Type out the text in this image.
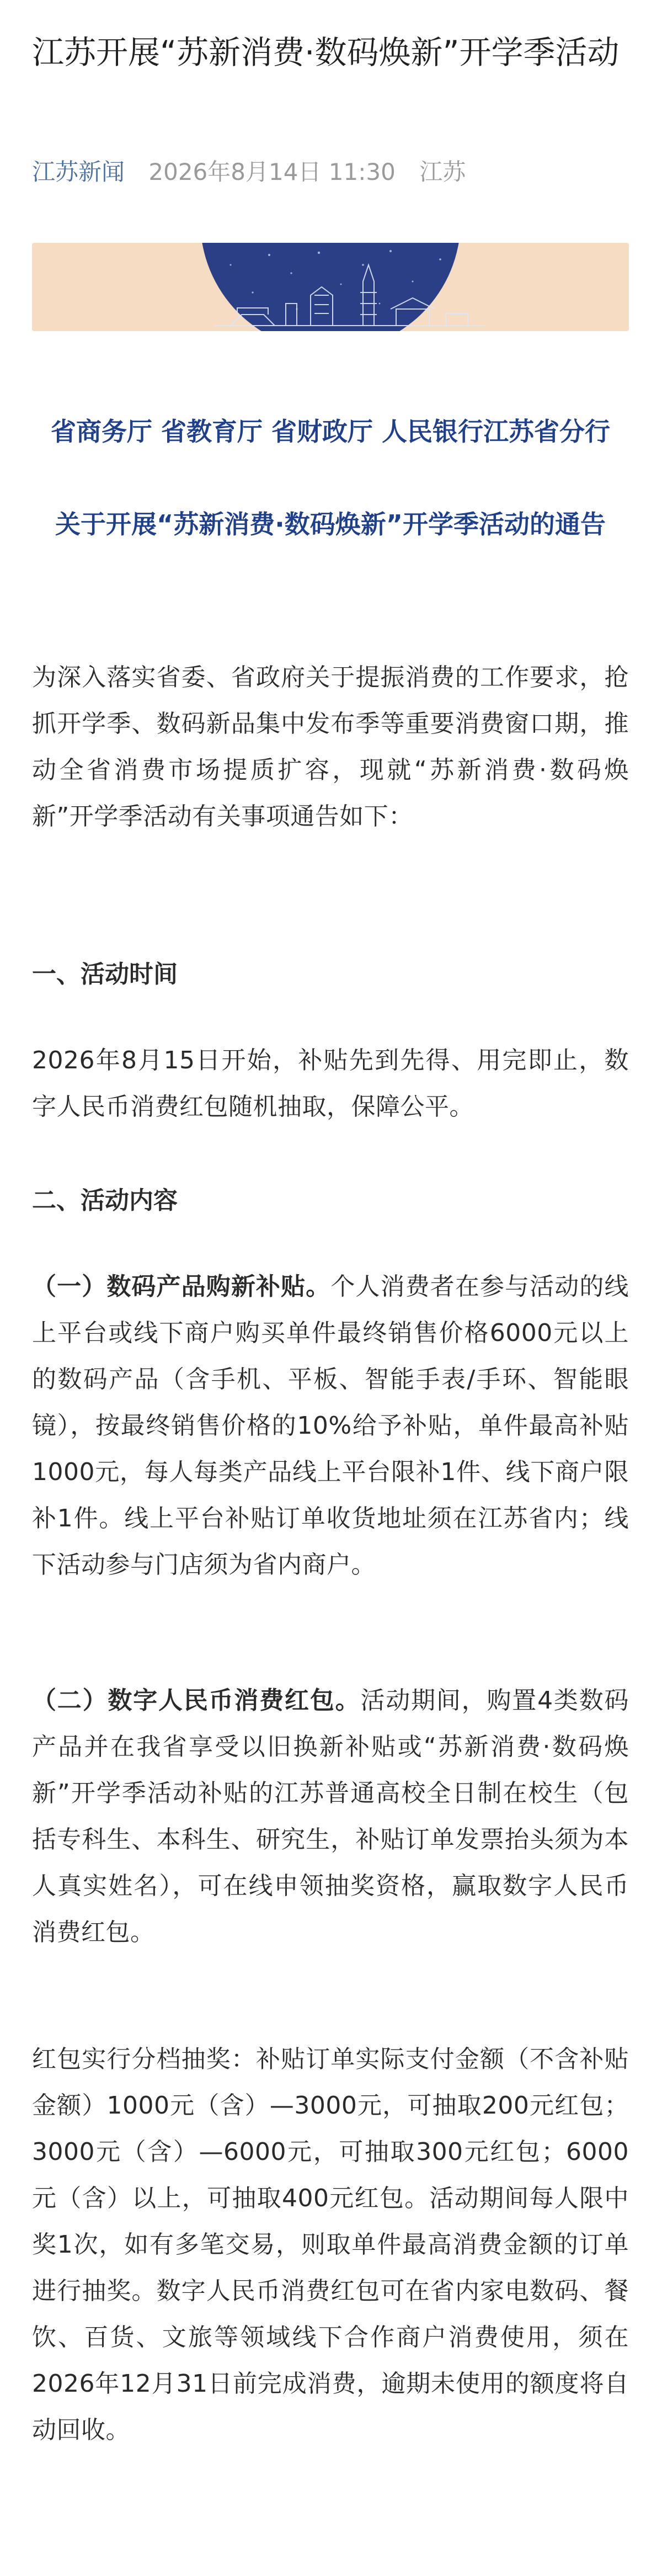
江苏开展“苏新消费·数码焕新”开学季活动
江苏新闻 2026年8月14日 11:30 江苏
省商务厅 省教育厅 省财政厅 人民银行江苏省分行
关于开展“苏新消费·数码焕新”开学季活动的通告

为深入落实省委、省政府关于提振消费的工作要求，抢抓开学季、数码新品集中发布季等重要消费窗口期，推动全省消费市场提质扩容，现就“苏新消费·数码焕新”开学季活动有关事项通告如下：

一、活动时间

2026年8月15日开始，补贴先到先得、用完即止，数字人民币消费红包随机抽取，保障公平。

二、活动内容

（一）数码产品购新补贴。个人消费者在参与活动的线上平台或线下商户购买单件最终销售价格6000元以上的数码产品（含手机、平板、智能手表/手环、智能眼镜），按最终销售价格的10%给予补贴，单件最高补贴1000元，每人每类产品线上平台限补1件、线下商户限补1件。线上平台补贴订单收货地址须在江苏省内；线下活动参与门店须为省内商户。

（二）数字人民币消费红包。活动期间，购置4类数码产品并在我省享受以旧换新补贴或“苏新消费·数码焕新”开学季活动补贴的江苏普通高校全日制在校生（包括专科生、本科生、研究生，补贴订单发票抬头须为本人真实姓名），可在线申领抽奖资格，赢取数字人民币消费红包。

红包实行分档抽奖：补贴订单实际支付金额（不含补贴金额）1000元（含）—3000元，可抽取200元红包；3000元（含）—6000元，可抽取300元红包；6000元（含）以上，可抽取400元红包。活动期间每人限中奖1次，如有多笔交易，则取单件最高消费金额的订单进行抽奖。数字人民币消费红包可在省内家电数码、餐饮、百货、文旅等领域线下合作商户消费使用，须在2026年12月31日前完成消费，逾期未使用的额度将自动回收。
